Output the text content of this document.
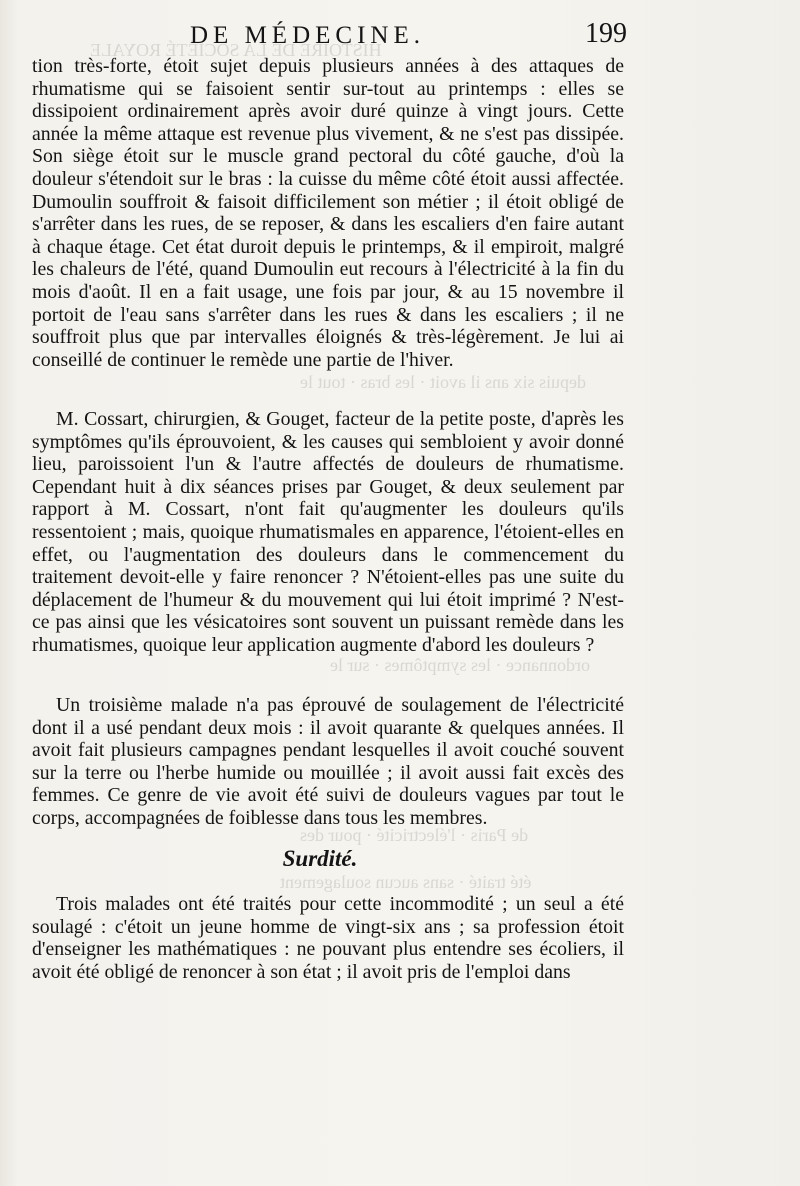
HISTOIRE DE LA SOCIÉTÉ ROYALE
depuis six ans il avoit · les bras · tout le
ordonnance · les symptômes · sur le
de Paris · l'électricité · pour des
été traité · sans aucun soulagement
DE MÉDECINE.	199
tion très-forte, étoit sujet depuis plusieurs années à des attaques de rhumatisme qui se faisoient sentir sur-tout au printemps : elles se dissipoient ordinairement après avoir duré quinze à vingt jours. Cette année la même attaque est revenue plus vivement, & ne s'est pas dissipée. Son siège étoit sur le muscle grand pectoral du côté gauche, d'où la douleur s'étendoit sur le bras : la cuisse du même côté étoit aussi affectée. Dumoulin souffroit & faisoit difficilement son métier ; il étoit obligé de s'arrêter dans les rues, de se reposer, & dans les escaliers d'en faire autant à chaque étage. Cet état duroit depuis le printemps, & il empiroit, malgré les chaleurs de l'été, quand Dumoulin eut recours à l'électricité à la fin du mois d'août. Il en a fait usage, une fois par jour, & au 15 novembre il portoit de l'eau sans s'arrêter dans les rues & dans les escaliers ; il ne souffroit plus que par intervalles éloignés & très-légèrement. Je lui ai conseillé de continuer le remède une partie de l'hiver.
M. Cossart, chirurgien, & Gouget, facteur de la petite poste, d'après les symptômes qu'ils éprouvoient, & les causes qui sembloient y avoir donné lieu, paroissoient l'un & l'autre affectés de douleurs de rhumatisme. Cependant huit à dix séances prises par Gouget, & deux seulement par rapport à M. Cossart, n'ont fait qu'augmenter les douleurs qu'ils ressentoient ; mais, quoique rhumatismales en apparence, l'étoient-elles en effet, ou l'augmentation des douleurs dans le commencement du traitement devoit-elle y faire renoncer ? N'étoient-elles pas une suite du déplacement de l'humeur & du mouvement qui lui étoit imprimé ? N'est-ce pas ainsi que les vésicatoires sont souvent un puissant remède dans les rhumatismes, quoique leur application augmente d'abord les douleurs ?
Un troisième malade n'a pas éprouvé de soulagement de l'électricité dont il a usé pendant deux mois : il avoit quarante & quelques années. Il avoit fait plusieurs campagnes pendant lesquelles il avoit couché souvent sur la terre ou l'herbe humide ou mouillée ; il avoit aussi fait excès des femmes. Ce genre de vie avoit été suivi de douleurs vagues par tout le corps, accompagnées de foiblesse dans tous les membres.
Surdité.
Trois malades ont été traités pour cette incommodité ; un seul a été soulagé : c'étoit un jeune homme de vingt-six ans ; sa profession étoit d'enseigner les mathématiques : ne pouvant plus entendre ses écoliers, il avoit été obligé de renoncer à son état ; il avoit pris de l'emploi dans
